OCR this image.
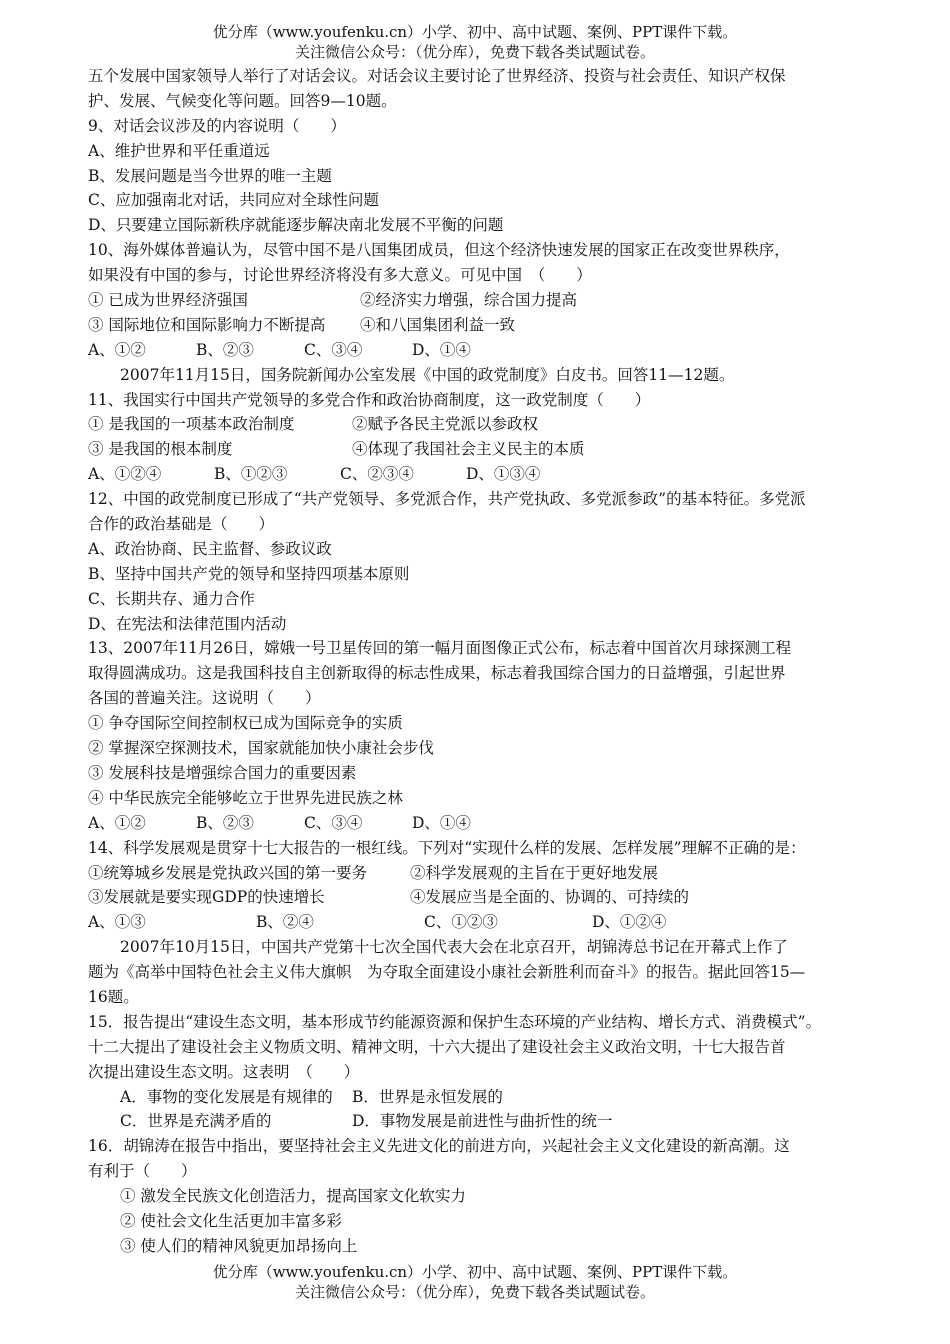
优分库（www.youfenku.cn）小学、初中、高中试题、案例、PPT课件下载。
关注微信公众号：（优分库），免费下载各类试题试卷。
五个发展中国家领导人举行了对话会议。对话会议主要讨论了世界经济、投资与社会责任、知识产权保
护、发展、气候变化等问题。回答9—10题。
9、对话会议涉及的内容说明（　　）
A、维护世界和平任重道远
B、发展问题是当今世界的唯一主题
C、应加强南北对话，共同应对全球性问题
D、只要建立国际新秩序就能逐步解决南北发展不平衡的问题
10、海外媒体普遍认为，尽管中国不是八国集团成员，但这个经济快速发展的国家正在改变世界秩序，
如果没有中国的参与，讨论世界经济将没有多大意义。可见中国　（　　）
① 已成为世界经济强国	②经济实力增强，综合国力提高
③ 国际地位和国际影响力不断提高	④和八国集团利益一致
A、①②	B、②③	C、③④	D、①④
2007年11月15日，国务院新闻办公室发展《中国的政党制度》白皮书。回答11—12题。
11、我国实行中国共产党领导的多党合作和政治协商制度，这一政党制度（　　）
① 是我国的一项基本政治制度	②赋予各民主党派以参政权
③ 是我国的根本制度	④体现了我国社会主义民主的本质
A、①②④	B、①②③	C、②③④	D、①③④
12、中国的政党制度已形成了“共产党领导、多党派合作，共产党执政、多党派参政”的基本特征。多党派
合作的政治基础是（　　）
A、政治协商、民主监督、参政议政
B、坚持中国共产党的领导和坚持四项基本原则
C、长期共存、通力合作
D、在宪法和法律范围内活动
13、2007年11月26日，嫦娥一号卫星传回的第一幅月面图像正式公布，标志着中国首次月球探测工程
取得圆满成功。这是我国科技自主创新取得的标志性成果，标志着我国综合国力的日益增强，引起世界
各国的普遍关注。这说明（　　）
① 争夺国际空间控制权已成为国际竞争的实质
② 掌握深空探测技术，国家就能加快小康社会步伐
③ 发展科技是增强综合国力的重要因素
④ 中华民族完全能够屹立于世界先进民族之林
A、①②	B、②③	C、③④	D、①④
14、科学发展观是贯穿十七大报告的一根红线。下列对“实现什么样的发展、怎样发展”理解不正确的是：
①统筹城乡发展是党执政兴国的第一要务	②科学发展观的主旨在于更好地发展
③发展就是要实现GDP的快速增长	④发展应当是全面的、协调的、可持续的
A、①③	B、②④	C、①②③	D、①②④
2007年10月15日，中国共产党第十七次全国代表大会在北京召开，胡锦涛总书记在开幕式上作了
题为《高举中国特色社会主义伟大旗帜　为夺取全面建设小康社会新胜利而奋斗》的报告。据此回答15—
16题。
15．报告提出“建设生态文明，基本形成节约能源资源和保护生态环境的产业结构、增长方式、消费模式”。
十二大提出了建设社会主义物质文明、精神文明，十六大提出了建设社会主义政治文明，十七大报告首
次提出建设生态文明。这表明　（　　）
A．事物的变化发展是有规律的	B．世界是永恒发展的
C．世界是充满矛盾的	D．事物发展是前进性与曲折性的统一
16．胡锦涛在报告中指出，要坚持社会主义先进文化的前进方向，兴起社会主义文化建设的新高潮。这
有利于（　　）
① 激发全民族文化创造活力，提高国家文化软实力
② 使社会文化生活更加丰富多彩
③ 使人们的精神风貌更加昂扬向上
优分库（www.youfenku.cn）小学、初中、高中试题、案例、PPT课件下载。
关注微信公众号：（优分库），免费下载各类试题试卷。
